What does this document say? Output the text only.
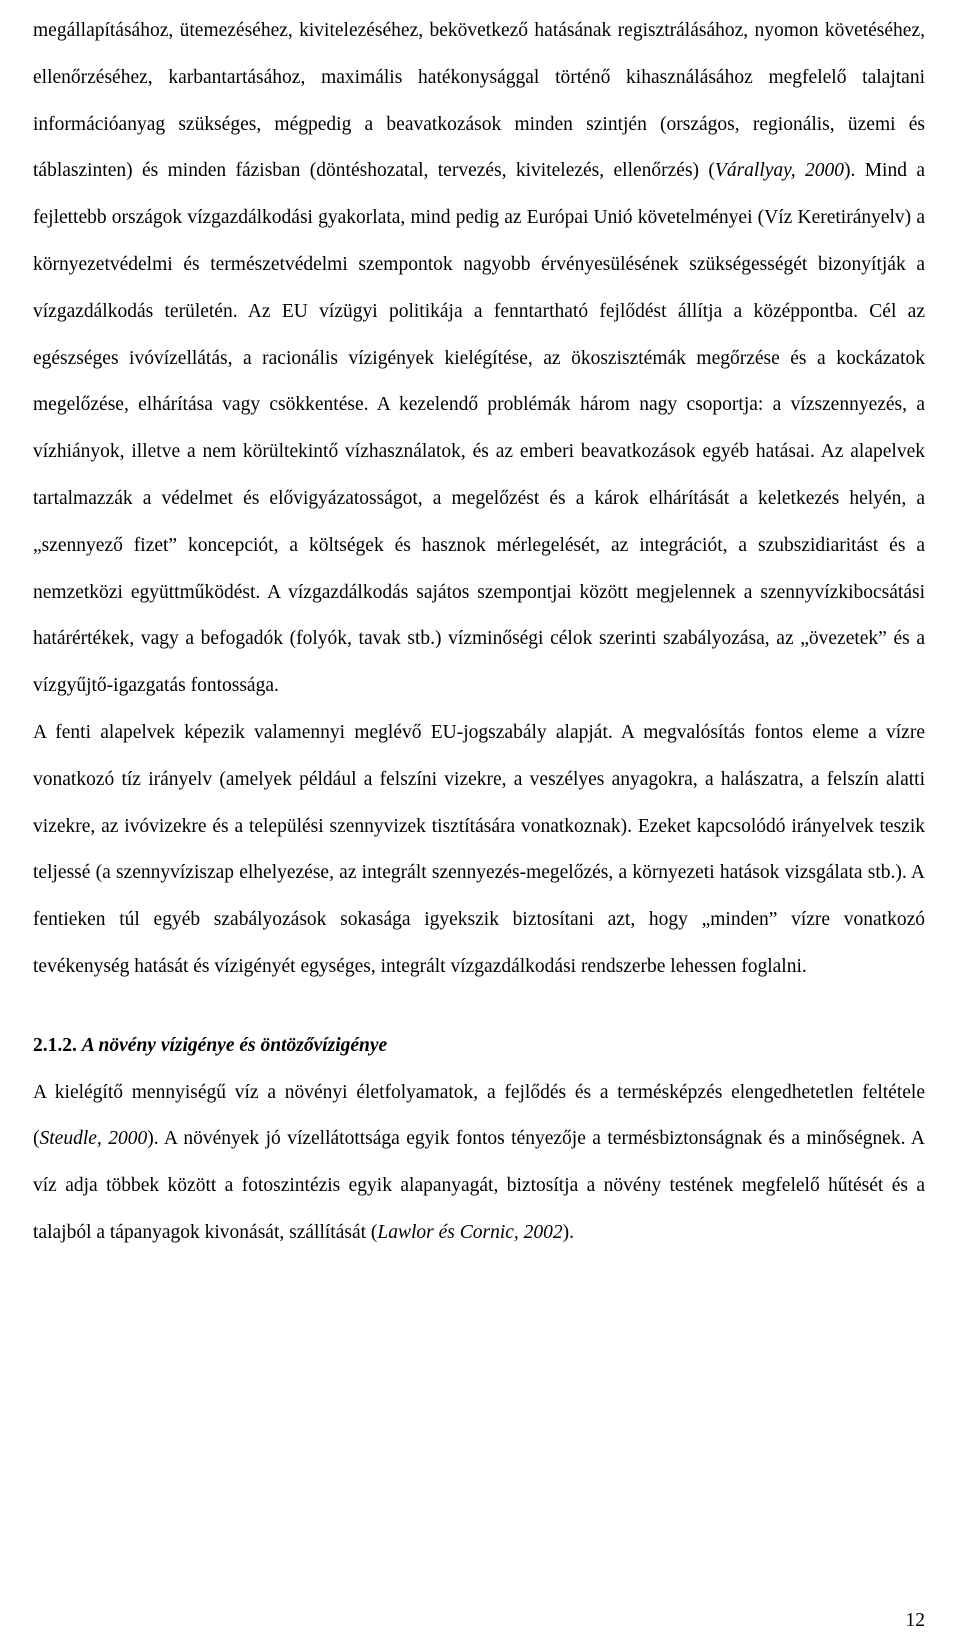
megállapításához, ütemezéséhez, kivitelezéséhez, bekövetkező hatásának regisztrálásához, nyomon követéséhez, ellenőrzéséhez, karbantartásához, maximális hatékonysággal történő kihasználásához megfelelő talajtani információanyag szükséges, mégpedig a beavatkozások minden szintjén (országos, regionális, üzemi és táblaszinten) és minden fázisban (döntéshozatal, tervezés, kivitelezés, ellenőrzés) (Várallyay, 2000). Mind a fejlettebb országok vízgazdálkodási gyakorlata, mind pedig az Európai Unió követelményei (Víz Keretirányelv) a környezetvédelmi és természetvédelmi szempontok nagyobb érvényesülésének szükségességét bizonyítják a vízgazdálkodás területén. Az EU vízügyi politikája a fenntartható fejlődést állítja a középpontba. Cél az egészséges ivóvízellátás, a racionális vízigények kielégítése, az ökoszisztémák megőrzése és a kockázatok megelőzése, elhárítása vagy csökkentése. A kezelendő problémák három nagy csoportja: a vízszennyezés, a vízhiányok, illetve a nem körültekintő vízhasználatok, és az emberi beavatkozások egyéb hatásai. Az alapelvek tartalmazzák a védelmet és elővigyázatosságot, a megelőzést és a károk elhárítását a keletkezés helyén, a „szennyező fizet” koncepciót, a költségek és hasznok mérlegelését, az integrációt, a szubszidiaritást és a nemzetközi együttműködést. A vízgazdálkodás sajátos szempontjai között megjelennek a szennyvízkibocsátási határértékek, vagy a befogadók (folyók, tavak stb.) vízminőségi célok szerinti szabályozása, az „övezetek” és a vízgyűjtő-igazgatás fontossága.

A fenti alapelvek képezik valamennyi meglévő EU-jogszabály alapját. A megvalósítás fontos eleme a vízre vonatkozó tíz irányelv (amelyek például a felszíni vizekre, a veszélyes anyagokra, a halászatra, a felszín alatti vizekre, az ivóvizekre és a települési szennyvizek tisztítására vonatkoznak). Ezeket kapcsolódó irányelvek teszik teljessé (a szennyvíziszap elhelyezése, az integrált szennyezés-megelőzés, a környezeti hatások vizsgálata stb.). A fentieken túl egyéb szabályozások sokasága igyekszik biztosítani azt, hogy „minden” vízre vonatkozó tevékenység hatását és vízigényét egységes, integrált vízgazdálkodási rendszerbe lehessen foglalni.

2.1.2. A növény vízigénye és öntözővízigénye

A kielégítő mennyiségű víz a növényi életfolyamatok, a fejlődés és a termésképzés elengedhetetlen feltétele (Steudle, 2000). A növények jó vízellátottsága egyik fontos tényezője a termésbiztonságnak és a minőségnek. A víz adja többek között a fotoszintézis egyik alapanyagát, biztosítja a növény testének megfelelő hűtését és a talajból a tápanyagok kivonását, szállítását (Lawlor és Cornic, 2002).

12
